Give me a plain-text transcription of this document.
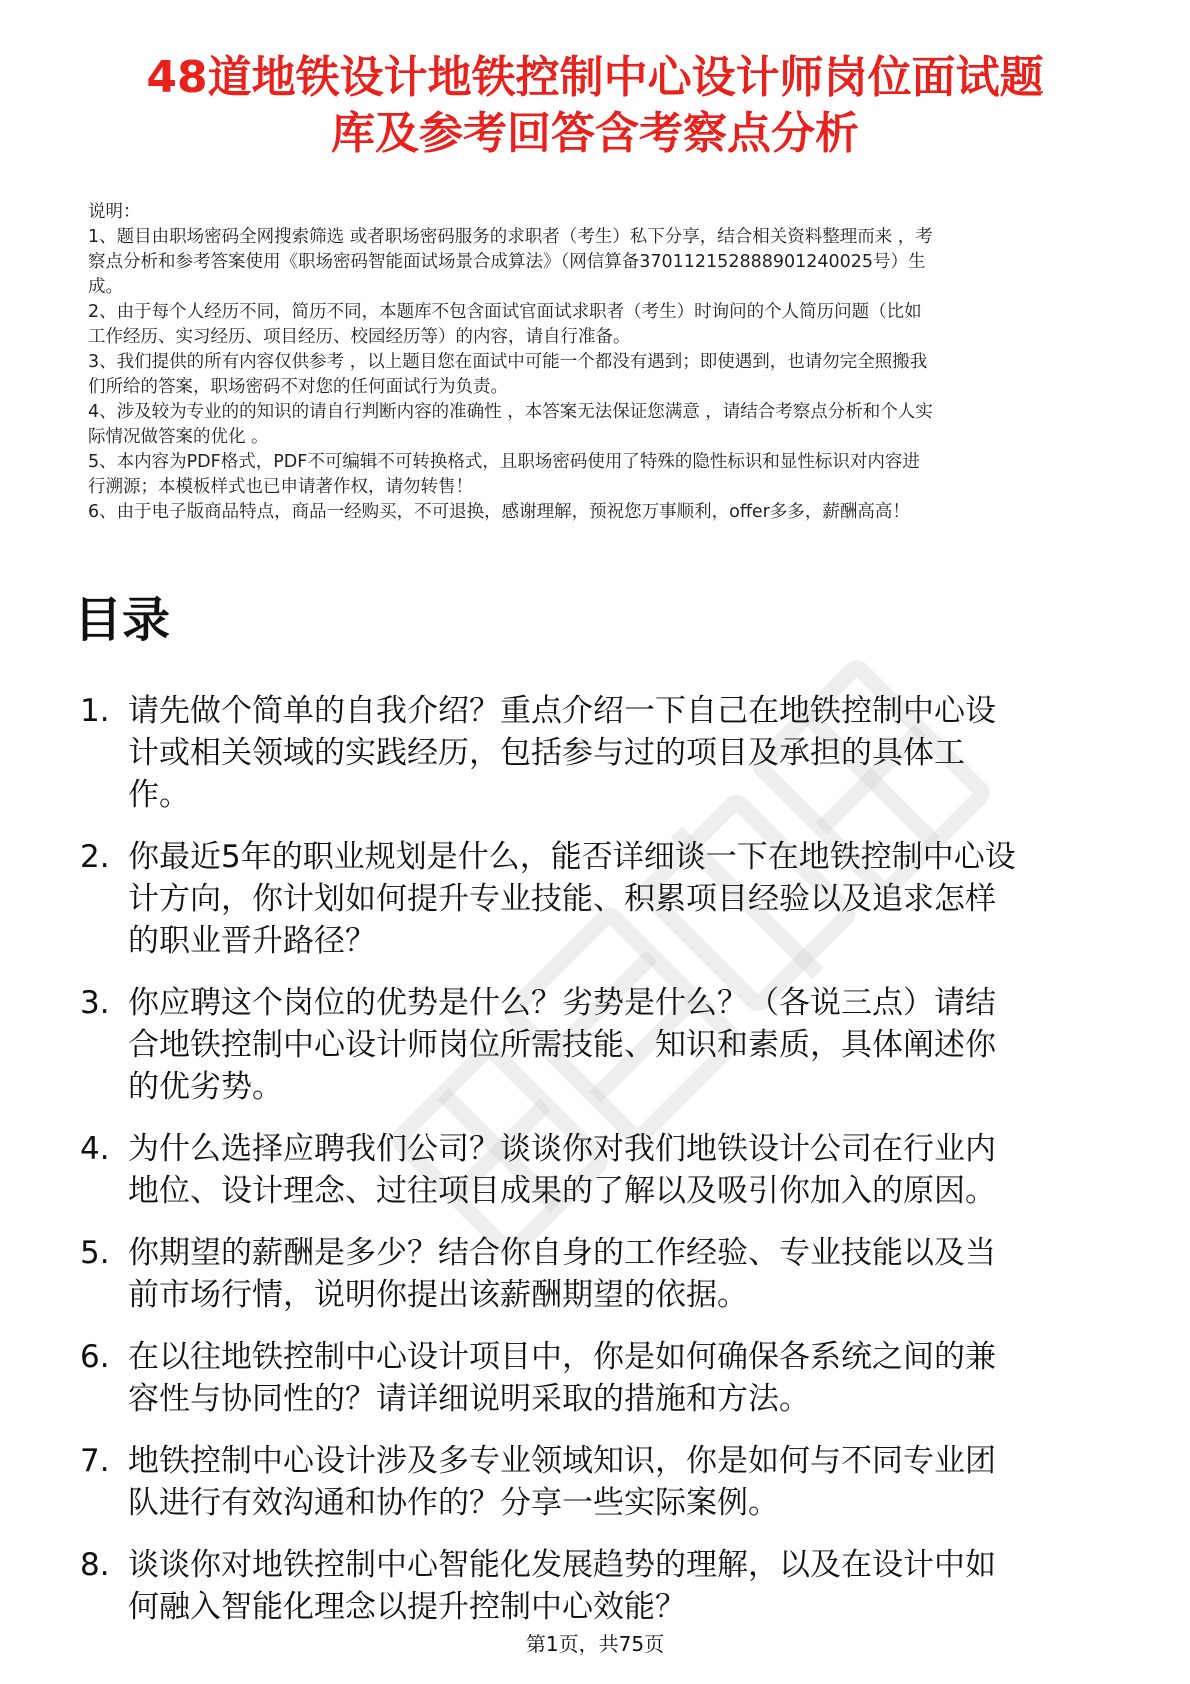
48道地铁设计地铁控制中心设计师岗位面试题
库及参考回答含考察点分析
说明：
1、题目由职场密码全网搜索筛选 或者职场密码服务的求职者（考生）私下分享，结合相关资料整理而来 ，考
察点分析和参考答案使用《职场密码智能面试场景合成算法》（网信算备370112152888901240025号）生
成。
2、由于每个人经历不同，简历不同，本题库不包含面试官面试求职者（考生）时询问的个人简历问题（比如
工作经历、实习经历、项目经历、校园经历等）的内容，请自行准备。
3、我们提供的所有内容仅供参考 ，以上题目您在面试中可能一个都没有遇到；即使遇到，也请勿完全照搬我
们所给的答案，职场密码不对您的任何面试行为负责。
4、涉及较为专业的的知识的请自行判断内容的准确性 ，本答案无法保证您满意 ，请结合考察点分析和个人实
际情况做答案的优化 。
5、本内容为PDF格式，PDF不可编辑不可转换格式，且职场密码使用了特殊的隐性标识和显性标识对内容进
行溯源；本模板样式也已申请著作权，请勿转售！
6、由于电子版商品特点，商品一经购买，不可退换，感谢理解，预祝您万事顺利，offer多多，薪酬高高！
目录
1. 请先做个简单的自我介绍？重点介绍一下自己在地铁控制中心设
计或相关领域的实践经历，包括参与过的项目及承担的具体工
作。
2. 你最近5年的职业规划是什么，能否详细谈一下在地铁控制中心设
计方向，你计划如何提升专业技能、积累项目经验以及追求怎样
的职业晋升路径？
3. 你应聘这个岗位的优势是什么？劣势是什么？（各说三点）请结
合地铁控制中心设计师岗位所需技能、知识和素质，具体阐述你
的优劣势。
4. 为什么选择应聘我们公司？谈谈你对我们地铁设计公司在行业内
地位、设计理念、过往项目成果的了解以及吸引你加入的原因。
5. 你期望的薪酬是多少？结合你自身的工作经验、专业技能以及当
前市场行情，说明你提出该薪酬期望的依据。
6. 在以往地铁控制中心设计项目中，你是如何确保各系统之间的兼
容性与协同性的？请详细说明采取的措施和方法。
7. 地铁控制中心设计涉及多专业领域知识，你是如何与不同专业团
队进行有效沟通和协作的？分享一些实际案例。
8. 谈谈你对地铁控制中心智能化发展趋势的理解，以及在设计中如
何融入智能化理念以提升控制中心效能？
第1页，共75页
